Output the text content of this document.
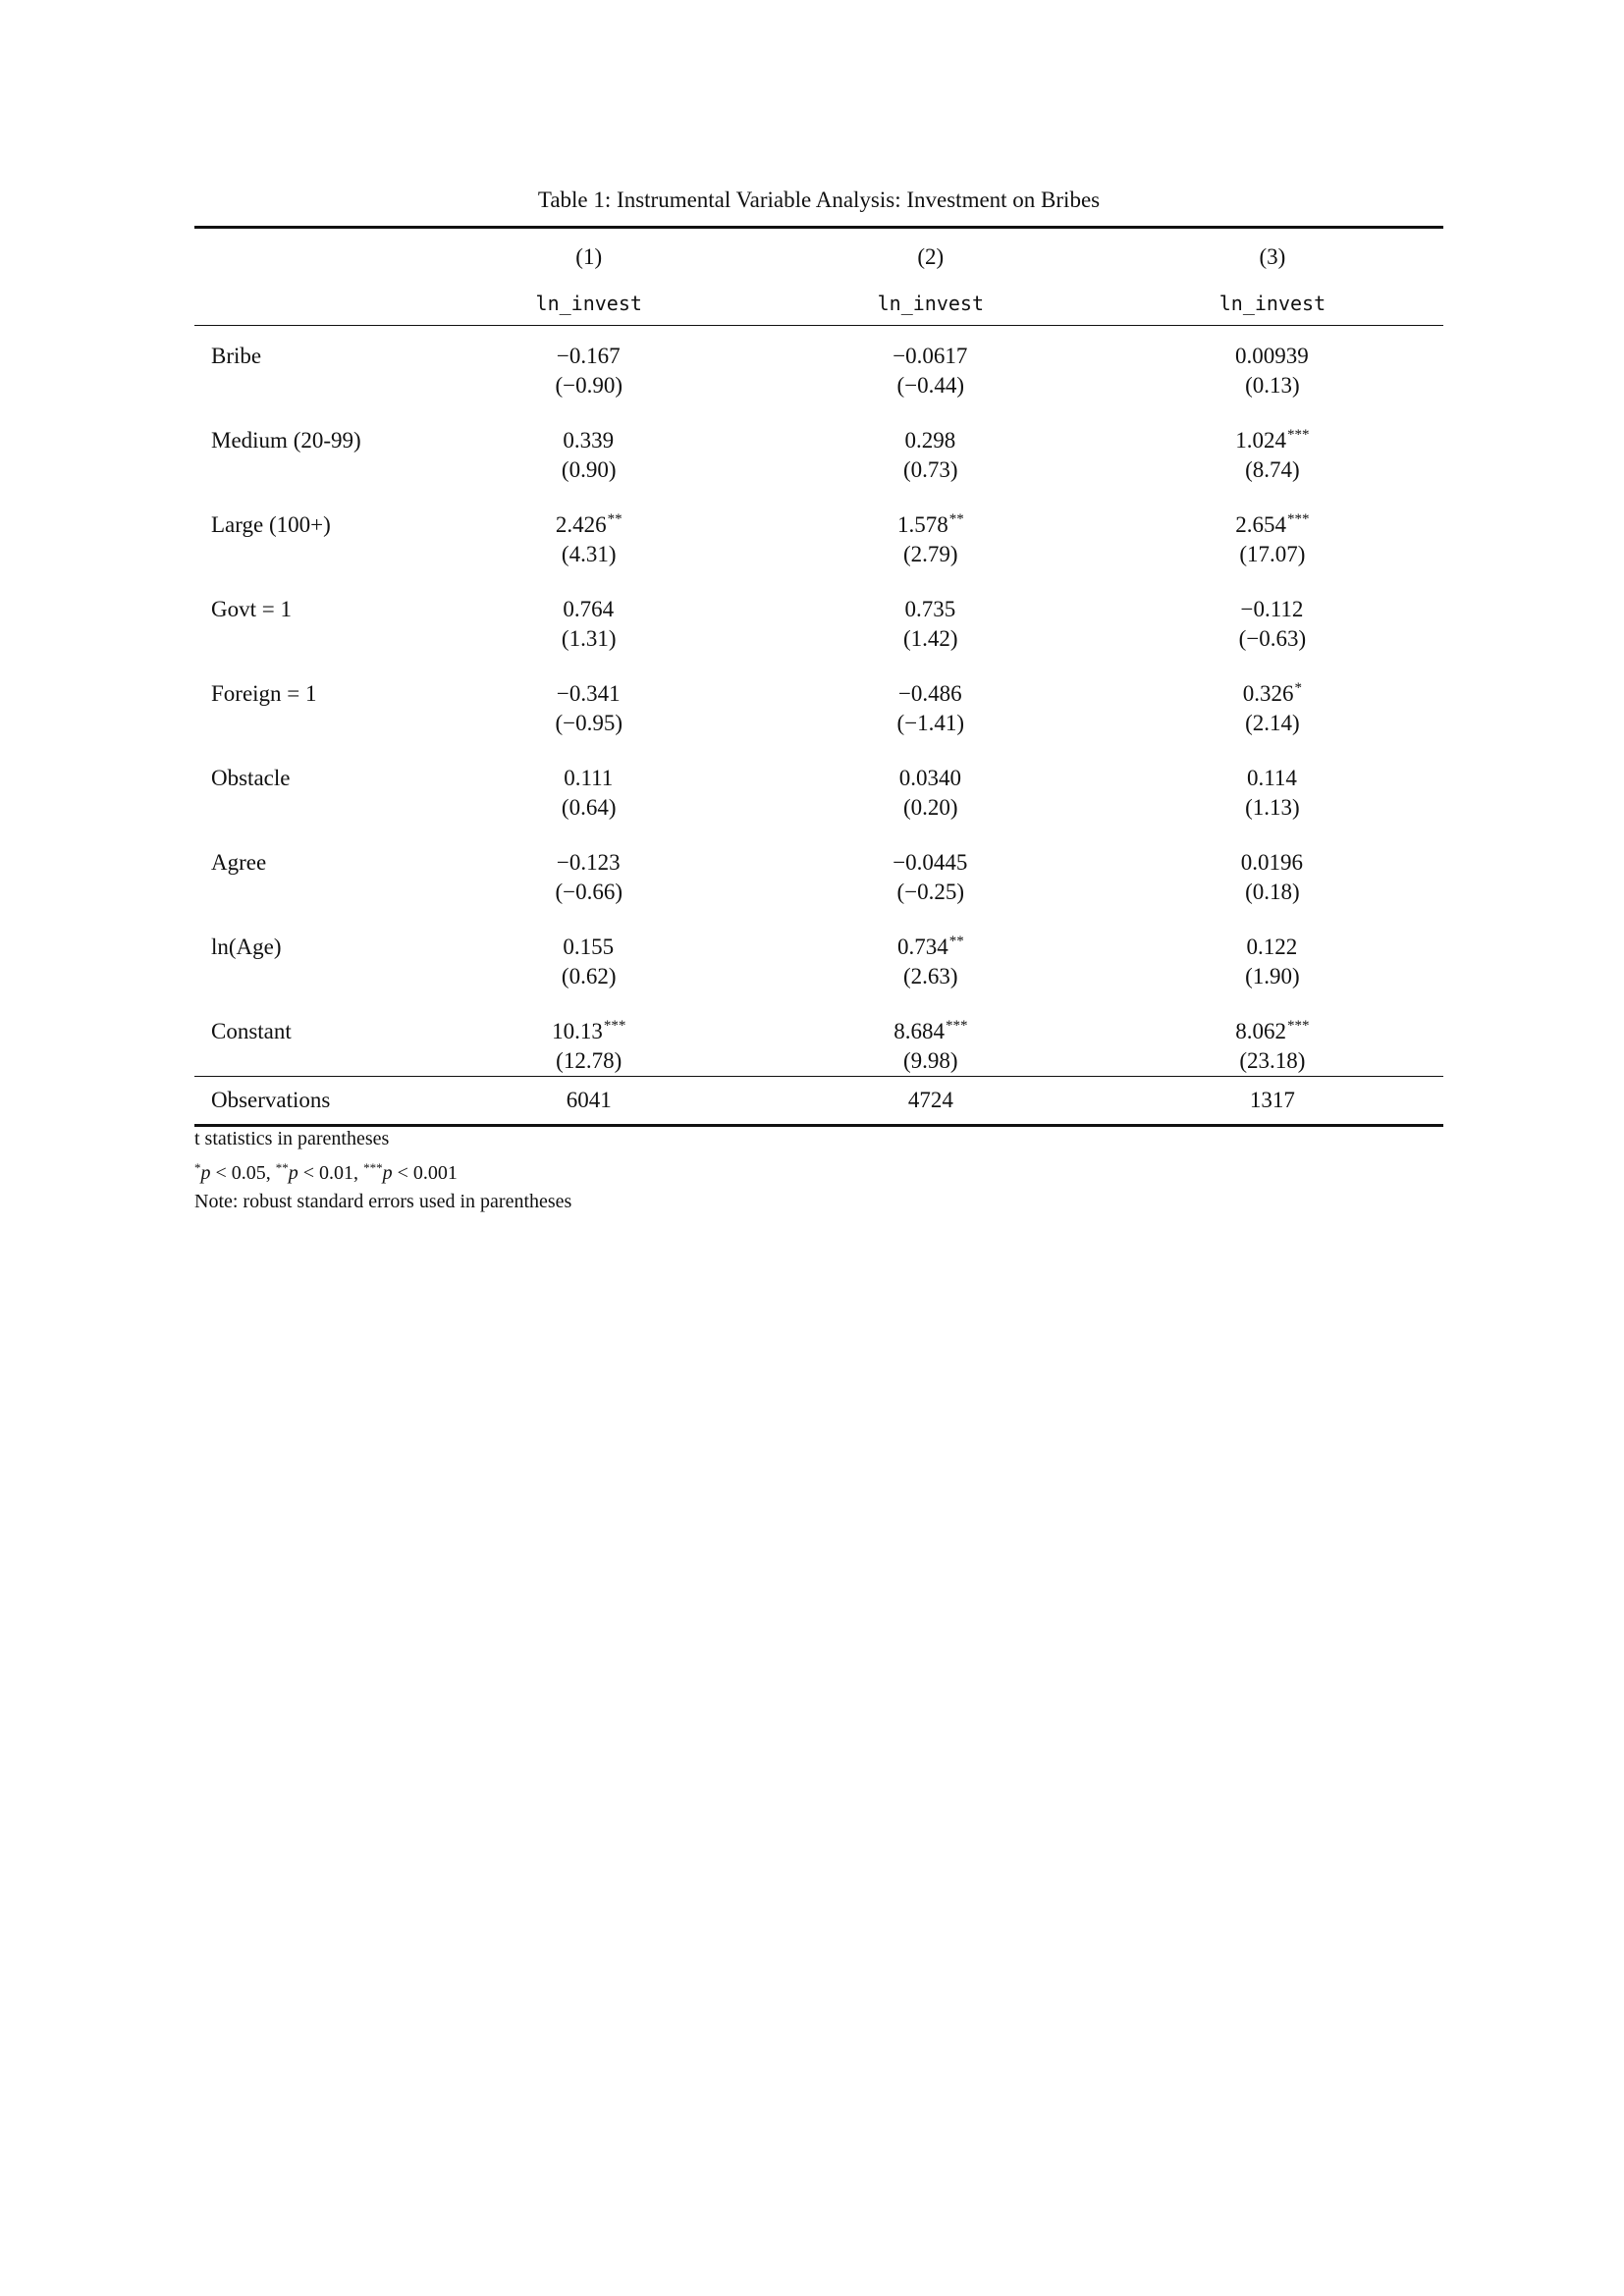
Table 1: Instrumental Variable Analysis: Investment on Bribes
	(1)	(2)	(3)
	ln_invest	ln_invest	ln_invest

Bribe	−0.167	−0.0617	0.00939
	(−0.90)	(−0.44)	(0.13)

Medium (20-99)	0.339	0.298	1.024***
	(0.90)	(0.73)	(8.74)

Large (100+)	2.426**	1.578**	2.654***
	(4.31)	(2.79)	(17.07)

Govt = 1	0.764	0.735	−0.112
	(1.31)	(1.42)	(−0.63)

Foreign = 1	−0.341	−0.486	0.326*
	(−0.95)	(−1.41)	(2.14)

Obstacle	0.111	0.0340	0.114
	(0.64)	(0.20)	(1.13)

Agree	−0.123	−0.0445	0.0196
	(−0.66)	(−0.25)	(0.18)

ln(Age)	0.155	0.734**	0.122
	(0.62)	(2.63)	(1.90)

Constant	10.13***	8.684***	8.062***
	(12.78)	(9.98)	(23.18)
Observations	6041	4724	1317
t statistics in parentheses
*p < 0.05, **p < 0.01, ***p < 0.001
Note: robust standard errors used in parentheses
